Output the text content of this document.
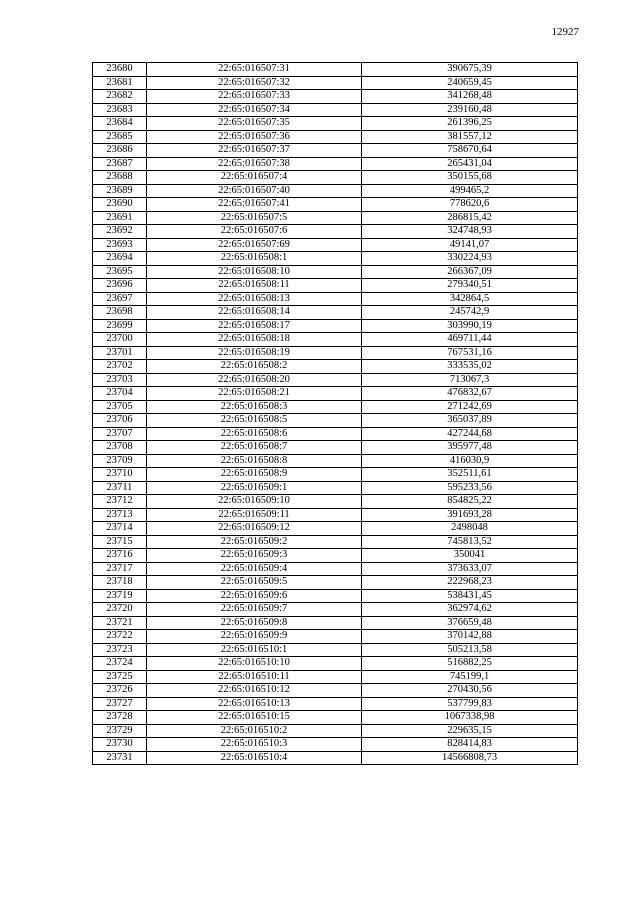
12927
23680	22:65:016507:31	390675,39
23681	22:65:016507:32	240659,45
23682	22:65:016507:33	341268,48
23683	22:65:016507:34	239160,48
23684	22:65:016507:35	261396,25
23685	22:65:016507:36	381557,12
23686	22:65:016507:37	758670,64
23687	22:65:016507:38	265431,04
23688	22:65:016507:4	350155,68
23689	22:65:016507:40	499465,2
23690	22:65:016507:41	778620,6
23691	22:65:016507:5	286815,42
23692	22:65:016507:6	324748,93
23693	22:65:016507:69	49141,07
23694	22:65:016508:1	330224,93
23695	22:65:016508:10	266367,09
23696	22:65:016508:11	279340,51
23697	22:65:016508:13	342864,5
23698	22:65:016508:14	245742,9
23699	22:65:016508:17	303990,19
23700	22:65:016508:18	469711,44
23701	22:65:016508:19	767531,16
23702	22:65:016508:2	333535,02
23703	22:65:016508:20	713067,3
23704	22:65:016508:21	476832,67
23705	22:65:016508:3	271242,69
23706	22:65:016508:5	365037,89
23707	22:65:016508:6	427244,68
23708	22:65:016508:7	395977,48
23709	22:65:016508:8	416030,9
23710	22:65:016508:9	352511,61
23711	22:65:016509:1	595233,56
23712	22:65:016509:10	854825,22
23713	22:65:016509:11	391693,28
23714	22:65:016509:12	2498048
23715	22:65:016509:2	745813,52
23716	22:65:016509:3	350041
23717	22:65:016509:4	373633,07
23718	22:65:016509:5	222968,23
23719	22:65:016509:6	538431,45
23720	22:65:016509:7	362974,62
23721	22:65:016509:8	376659,48
23722	22:65:016509:9	370142,88
23723	22:65:016510:1	505213,58
23724	22:65:016510:10	516882,25
23725	22:65:016510:11	745199,1
23726	22:65:016510:12	270430,56
23727	22:65:016510:13	537799,83
23728	22:65:016510:15	1067338,98
23729	22:65:016510:2	229635,15
23730	22:65:016510:3	828414,83
23731	22:65:016510:4	14566808,73
